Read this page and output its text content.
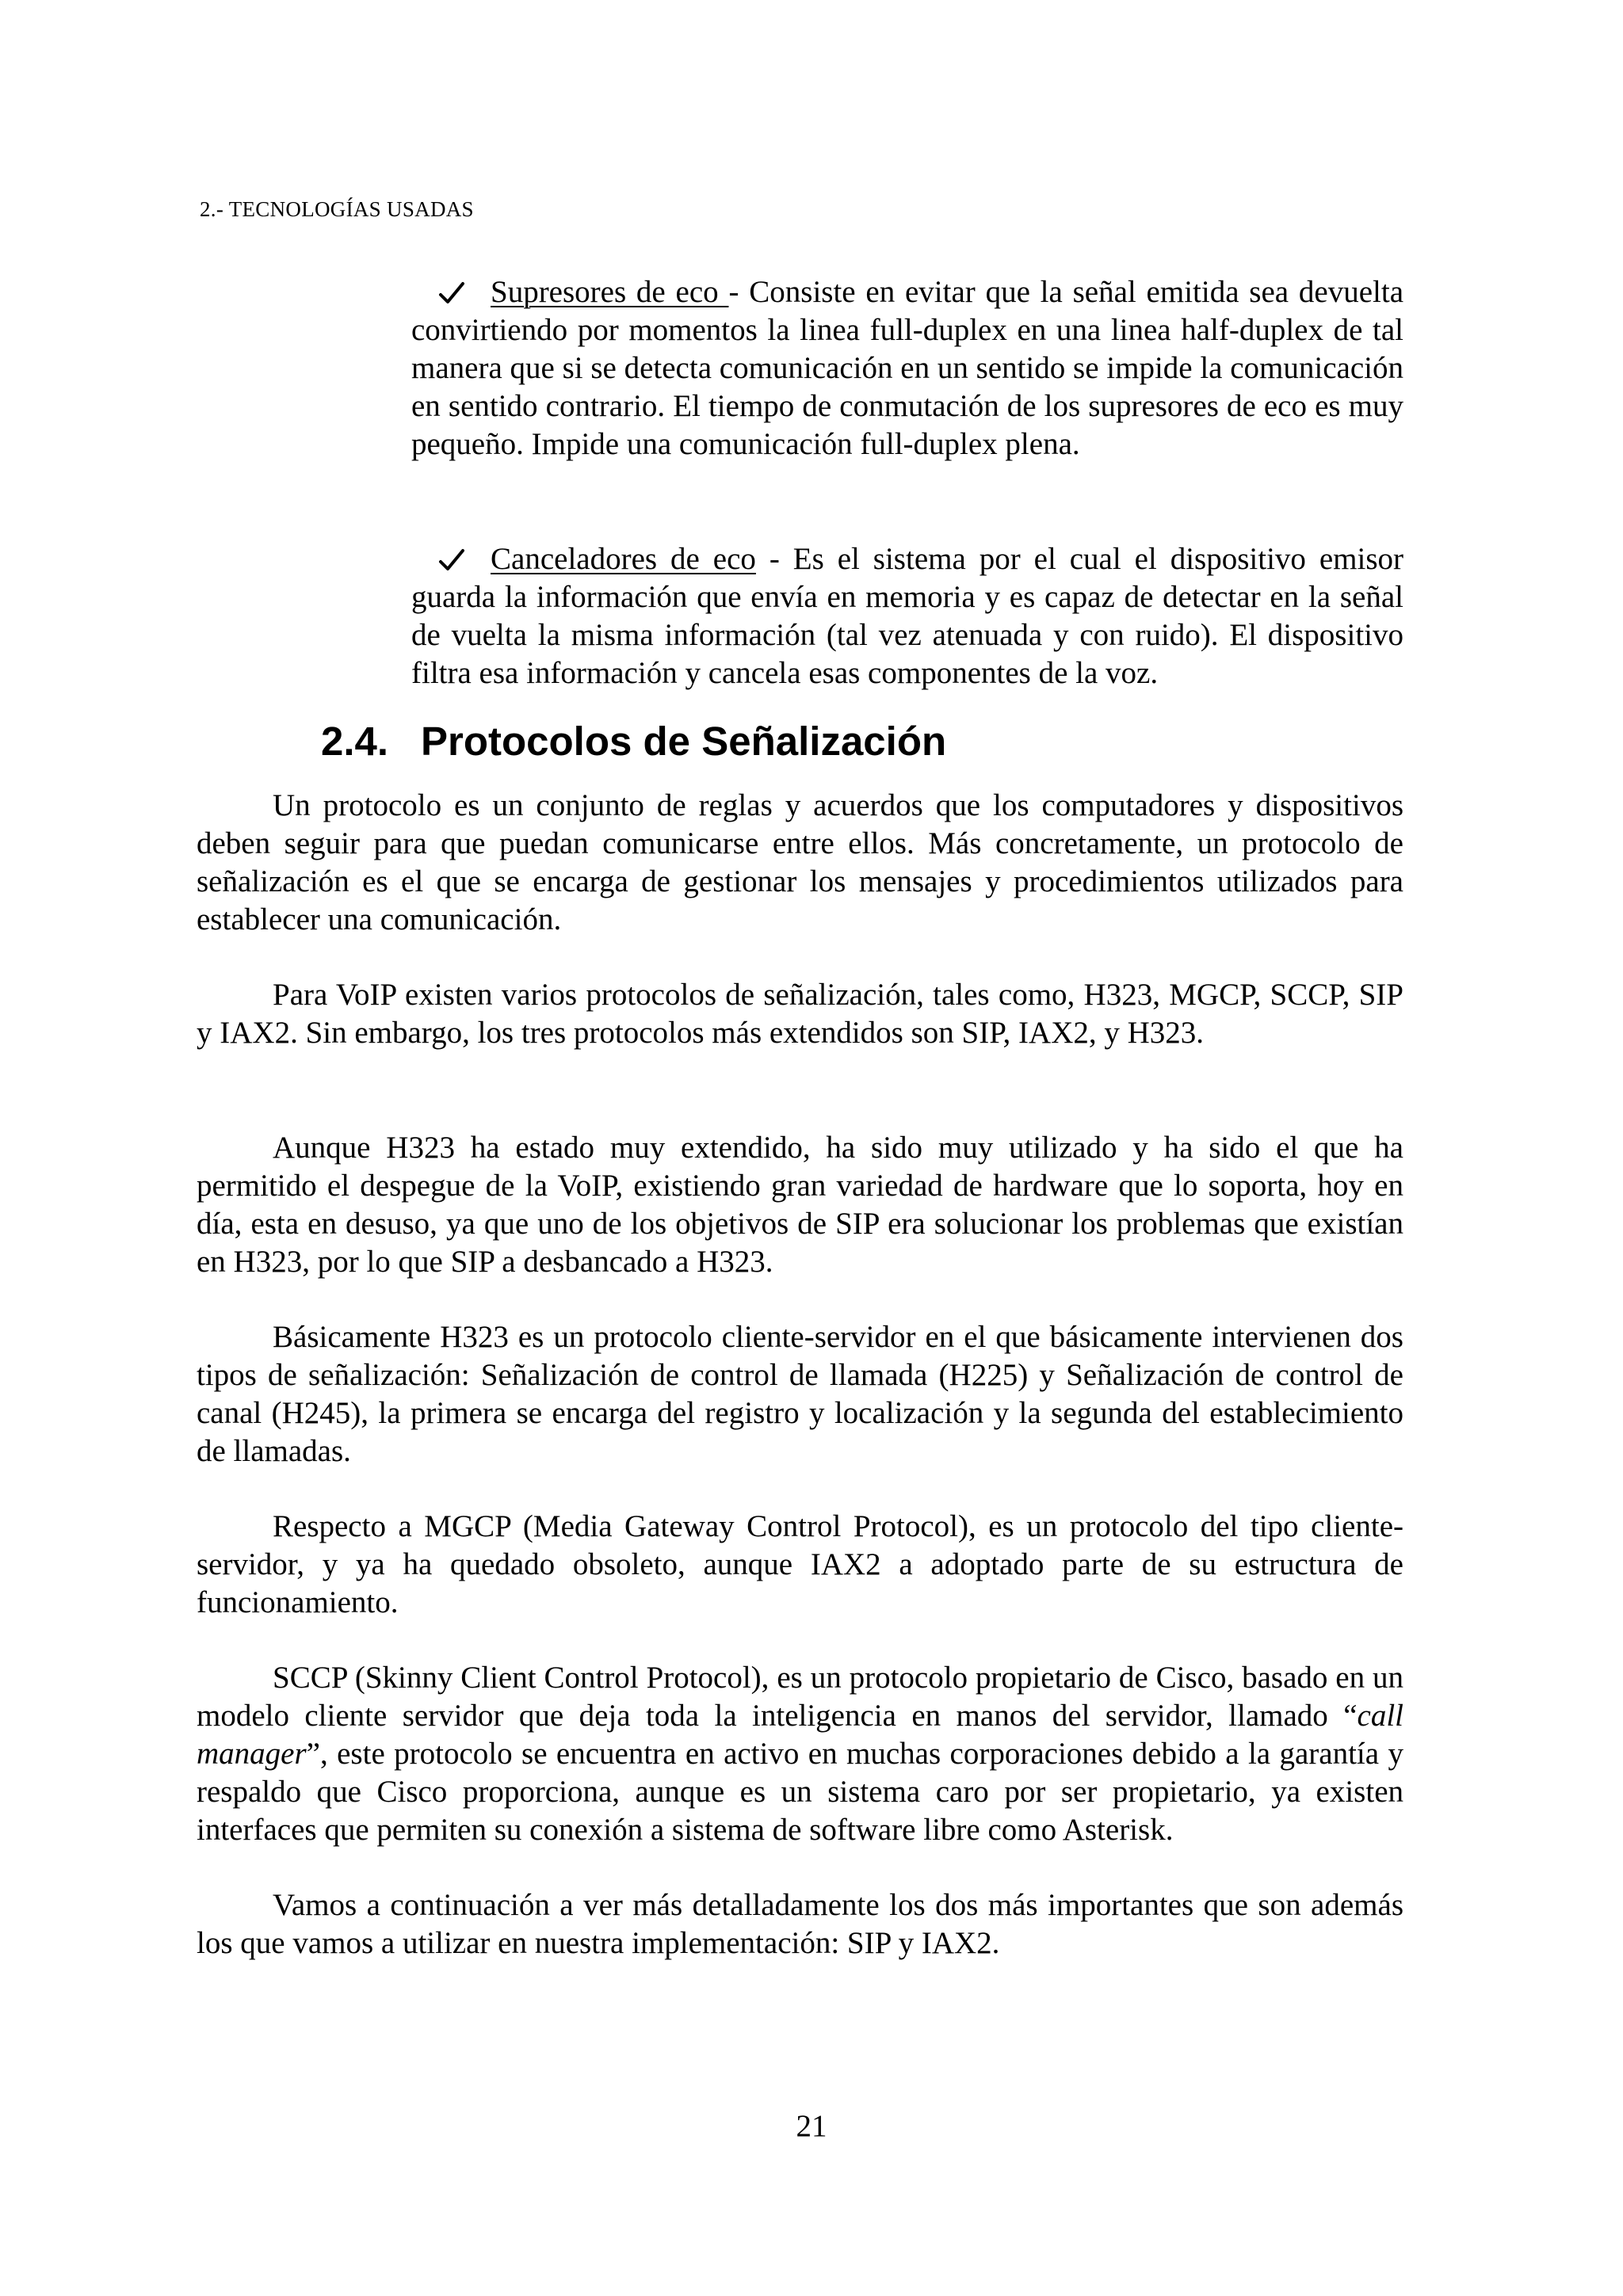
2.- TECNOLOGÍAS USADAS
Supresores de eco - Consiste en evitar que la señal emitida sea devuelta convirtiendo por momentos la linea full-duplex en una linea half-duplex de tal manera que si se detecta comunicación en un sentido se impide la comunicación en sentido contrario. El tiempo de conmutación de los supresores de eco es muy pequeño. Impide una comunicación full-duplex plena.
Canceladores de eco - Es el sistema por el cual el dispositivo emisor guarda la información que envía en memoria y es capaz de detectar en la señal de vuelta la misma información (tal vez atenuada y con ruido). El dispositivo filtra esa información y cancela esas componentes de la voz.
2.4. Protocolos de Señalización

Un protocolo es un conjunto de reglas y acuerdos que los computadores y dispositivos deben seguir para que puedan comunicarse entre ellos. Más concretamente, un protocolo de señalización es el que se encarga de gestionar los mensajes y procedimientos utilizados para establecer una comunicación.

Para VoIP existen varios protocolos de señalización, tales como, H323, MGCP, SCCP, SIP y IAX2. Sin embargo, los tres protocolos más extendidos son SIP, IAX2, y H323.

Aunque H323 ha estado muy extendido, ha sido muy utilizado y ha sido el que ha permitido el despegue de la VoIP, existiendo gran variedad de hardware que lo soporta, hoy en día, esta en desuso, ya que uno de los objetivos de SIP era solucionar los problemas que existían en H323, por lo que SIP a desbancado a H323.

Básicamente H323 es un protocolo cliente-servidor en el que básicamente intervienen dos tipos de señalización: Señalización de control de llamada (H225) y Señalización de control de canal (H245), la primera se encarga del registro y localización y la segunda del establecimiento de llamadas.

Respecto a MGCP (Media Gateway Control Protocol), es un protocolo del tipo cliente-servidor, y ya ha quedado obsoleto, aunque IAX2 a adoptado parte de su estructura de funcionamiento.

SCCP (Skinny Client Control Protocol), es un protocolo propietario de Cisco, basado en un modelo cliente servidor que deja toda la inteligencia en manos del servidor, llamado “call manager”, este protocolo se encuentra en activo en muchas corporaciones debido a la garantía y respaldo que Cisco proporciona, aunque es un sistema caro por ser propietario, ya existen interfaces que permiten su conexión a sistema de software libre como Asterisk.

Vamos a continuación a ver más detalladamente los dos más importantes que son además los que vamos a utilizar en nuestra implementación: SIP y IAX2.

21
